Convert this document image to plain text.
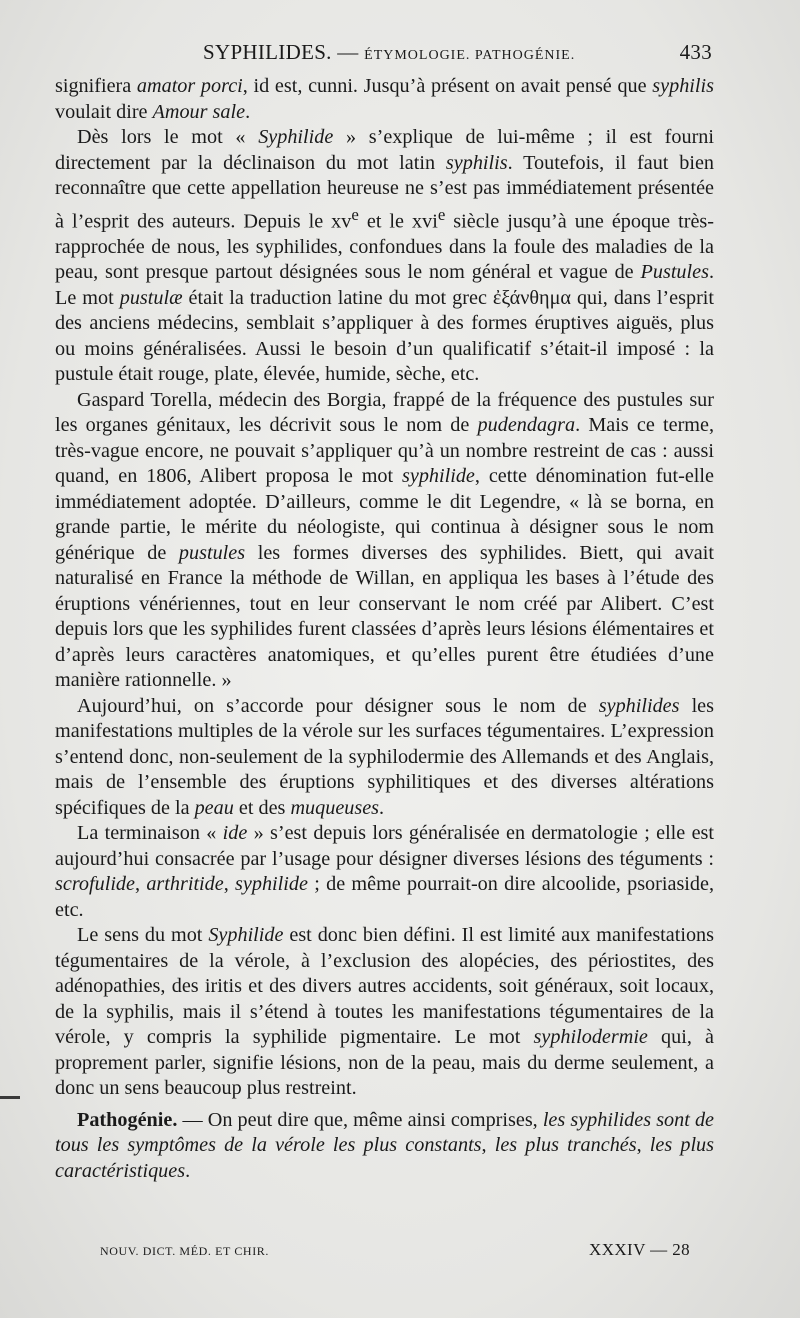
SYPHILIDES. — ÉTYMOLOGIE. PATHOGÉNIE.	433

signifiera amator porci, id est, cunni. Jusqu’à présent on avait pensé que syphilis voulait dire Amour sale.

Dès lors le mot « Syphilide » s’explique de lui-même ; il est fourni directement par la déclinaison du mot latin syphilis. Toutefois, il faut bien reconnaître que cette appellation heureuse ne s’est pas immédiatement présentée à l’esprit des auteurs. Depuis le $xv^e$ et le xvi$^e$ siècle jusqu’à une époque très-rapprochée de nous, les syphilides, confondues dans la foule des maladies de la peau, sont presque partout désignées sous le nom général et vague de Pustules. Le mot pustulæ était la traduction latine du mot grec ἐξάνθημα qui, dans l’esprit des anciens médecins, semblait s’appliquer à des formes éruptives aiguës, plus ou moins généralisées. Aussi le besoin d’un qualificatif s’était-il imposé : la pustule était rouge, plate, élevée, humide, sèche, etc.

Gaspard Torella, médecin des Borgia, frappé de la fréquence des pustules sur les organes génitaux, les décrivit sous le nom de pudendagra. Mais ce terme, très-vague encore, ne pouvait s’appliquer qu’à un nombre restreint de cas : aussi quand, en 1806, Alibert proposa le mot syphilide, cette dénomination fut-elle immédiatement adoptée. D’ailleurs, comme le dit Legendre, « là se borna, en grande partie, le mérite du néologiste, qui continua à désigner sous le nom générique de pustules les formes diverses des syphilides. Biett, qui avait naturalisé en France la méthode de Willan, en appliqua les bases à l’étude des éruptions vénériennes, tout en leur conservant le nom créé par Alibert. C’est depuis lors que les syphilides furent classées d’après leurs lésions élémentaires et d’après leurs caractères anatomiques, et qu’elles purent être étudiées d’une manière rationnelle. »

Aujourd’hui, on s’accorde pour désigner sous le nom de syphilides les manifestations multiples de la vérole sur les surfaces tégumentaires. L’expression s’entend donc, non-seulement de la syphilodermie des Allemands et des Anglais, mais de l’ensemble des éruptions syphilitiques et des diverses altérations spécifiques de la peau et des muqueuses.

La terminaison « ide » s’est depuis lors généralisée en dermatologie ; elle est aujourd’hui consacrée par l’usage pour désigner diverses lésions des téguments : scrofulide, arthritide, syphilide ; de même pourrait-on dire alcoolide, psoriaside, etc.

Le sens du mot Syphilide est donc bien défini. Il est limité aux manifestations tégumentaires de la vérole, à l’exclusion des alopécies, des périostites, des adénopathies, des iritis et des divers autres accidents, soit généraux, soit locaux, de la syphilis, mais il s’étend à toutes les manifestations tégumentaires de la vérole, y compris la syphilide pigmentaire. Le mot syphilodermie qui, à proprement parler, signifie lésions, non de la peau, mais du derme seulement, a donc un sens beaucoup plus restreint.

Pathogénie. — On peut dire que, même ainsi comprises, les syphilides sont de tous les symptômes de la vérole les plus constants, les plus tranchés, les plus caractéristiques.

NOUV. DICT. MÉD. ET CHIR.	XXXIV — 28
